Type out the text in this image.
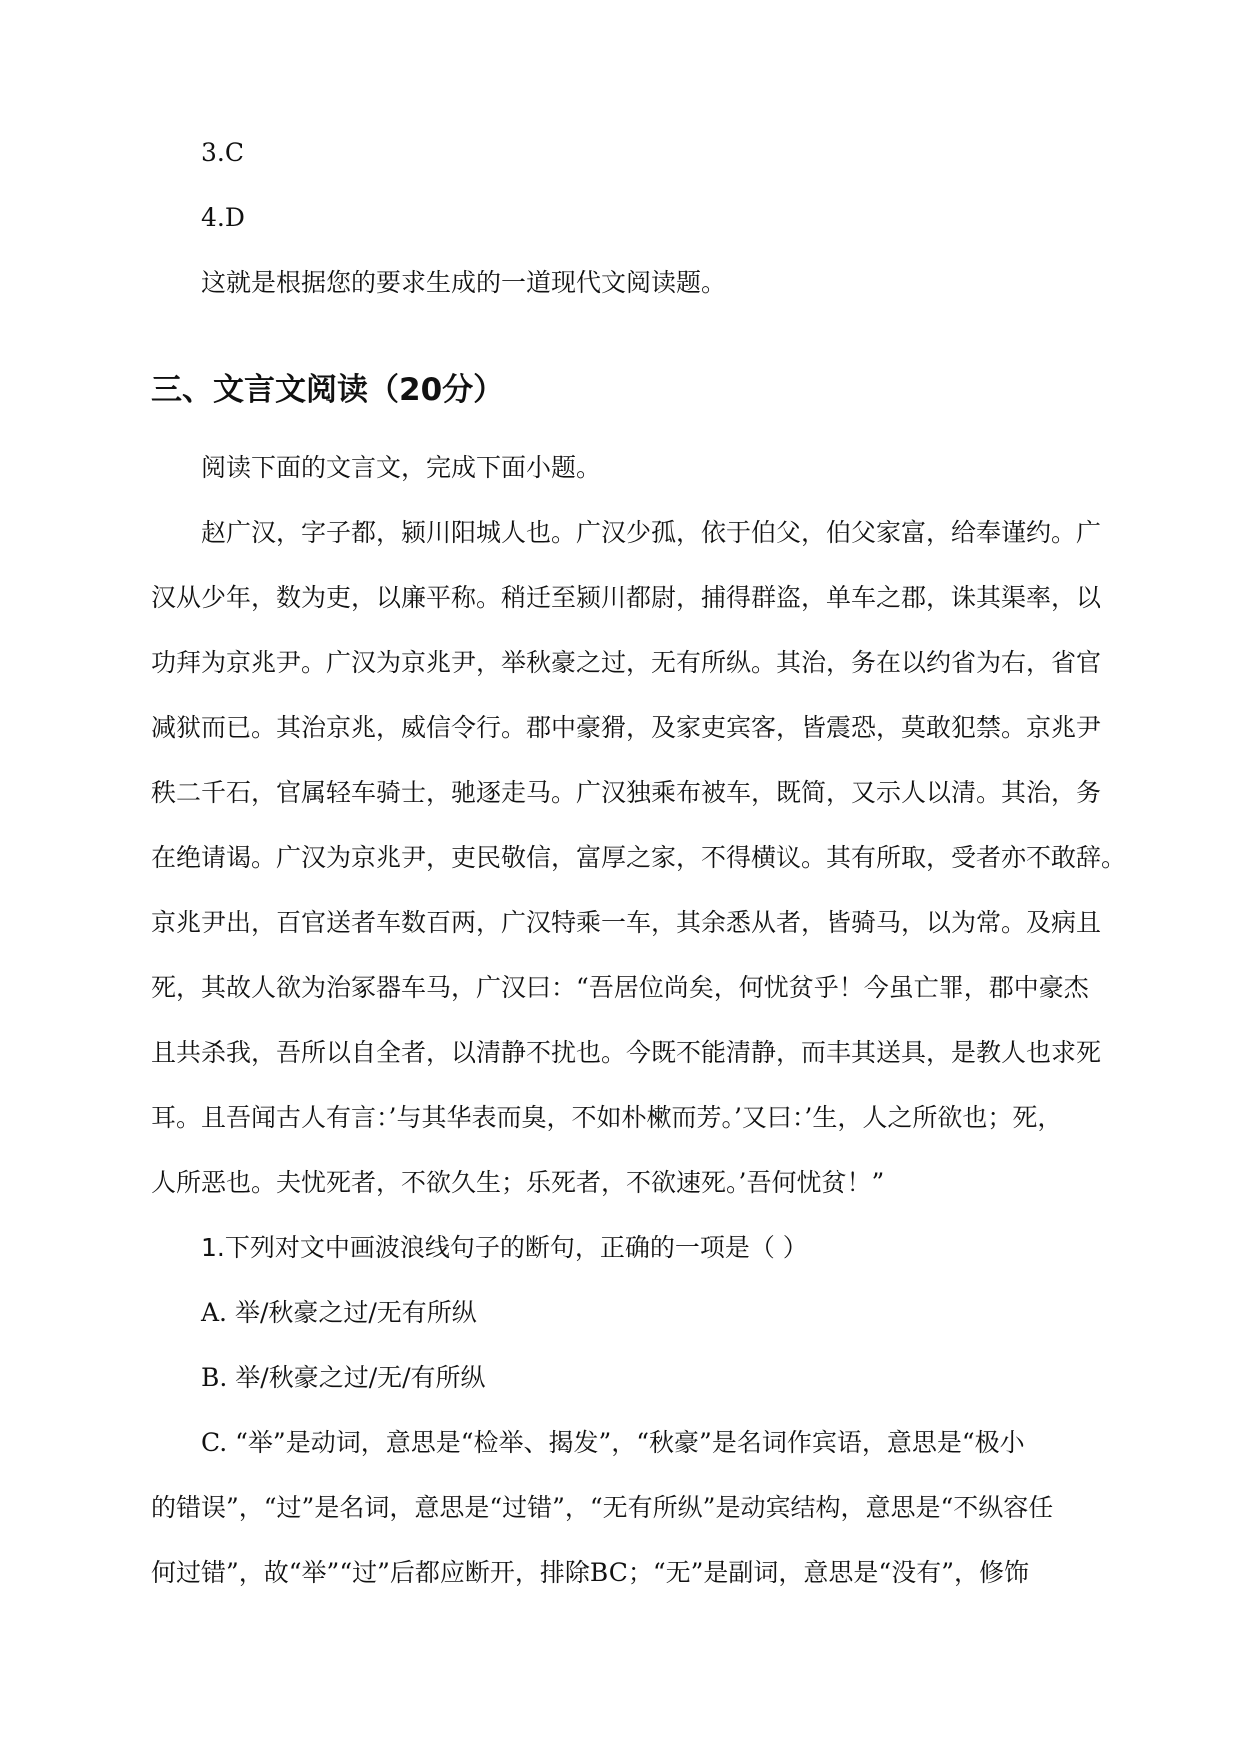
3.C

4.D

这就是根据您的要求生成的一道现代文阅读题。

三、文言文阅读（20分）

阅读下面的文言文，完成下面小题。

赵广汉，字子都，颍川阳城人也。广汉少孤，依于伯父，伯父家富，给奉谨约。广

汉从少年，数为吏，以廉平称。稍迁至颍川都尉，捕得群盗，单车之郡，诛其渠率，以

功拜为京兆尹。广汉为京兆尹，举秋豪之过，无有所纵。其治，务在以约省为右，省官

减狱而已。其治京兆，威信令行。郡中豪猾，及家吏宾客，皆震恐，莫敢犯禁。京兆尹

秩二千石，官属轻车骑士，驰逐走马。广汉独乘布被车，既简，又示人以清。其治，务

在绝请谒。广汉为京兆尹，吏民敬信，富厚之家，不得横议。其有所取，受者亦不敢辞。

京兆尹出，百官送者车数百两，广汉特乘一车，其余悉从者，皆骑马，以为常。及病且

死，其故人欲为治冢器车马，广汉曰：“吾居位尚矣，何忧贫乎！今虽亡罪，郡中豪杰

且共杀我，吾所以自全者，以清静不扰也。今既不能清静，而丰其送具，是教人也求死

耳。且吾闻古人有言：’与其华表而臭，不如朴樕而芳。’又曰：’生，人之所欲也；死，

人所恶也。夫忧死者，不欲久生；乐死者，不欲速死。’吾何忧贫！”

1.下列对文中画波浪线句子的断句，正确的一项是（ ）

A. 举/秋豪之过/无有所纵

B. 举/秋豪之过/无/有所纵

C. “举”是动词，意思是“检举、揭发”，“秋豪”是名词作宾语，意思是“极小

的错误”，“过”是名词，意思是“过错”，“无有所纵”是动宾结构，意思是“不纵容任

何过错”，故“举”“过”后都应断开，排除BC；“无”是副词，意思是“没有”，修饰
